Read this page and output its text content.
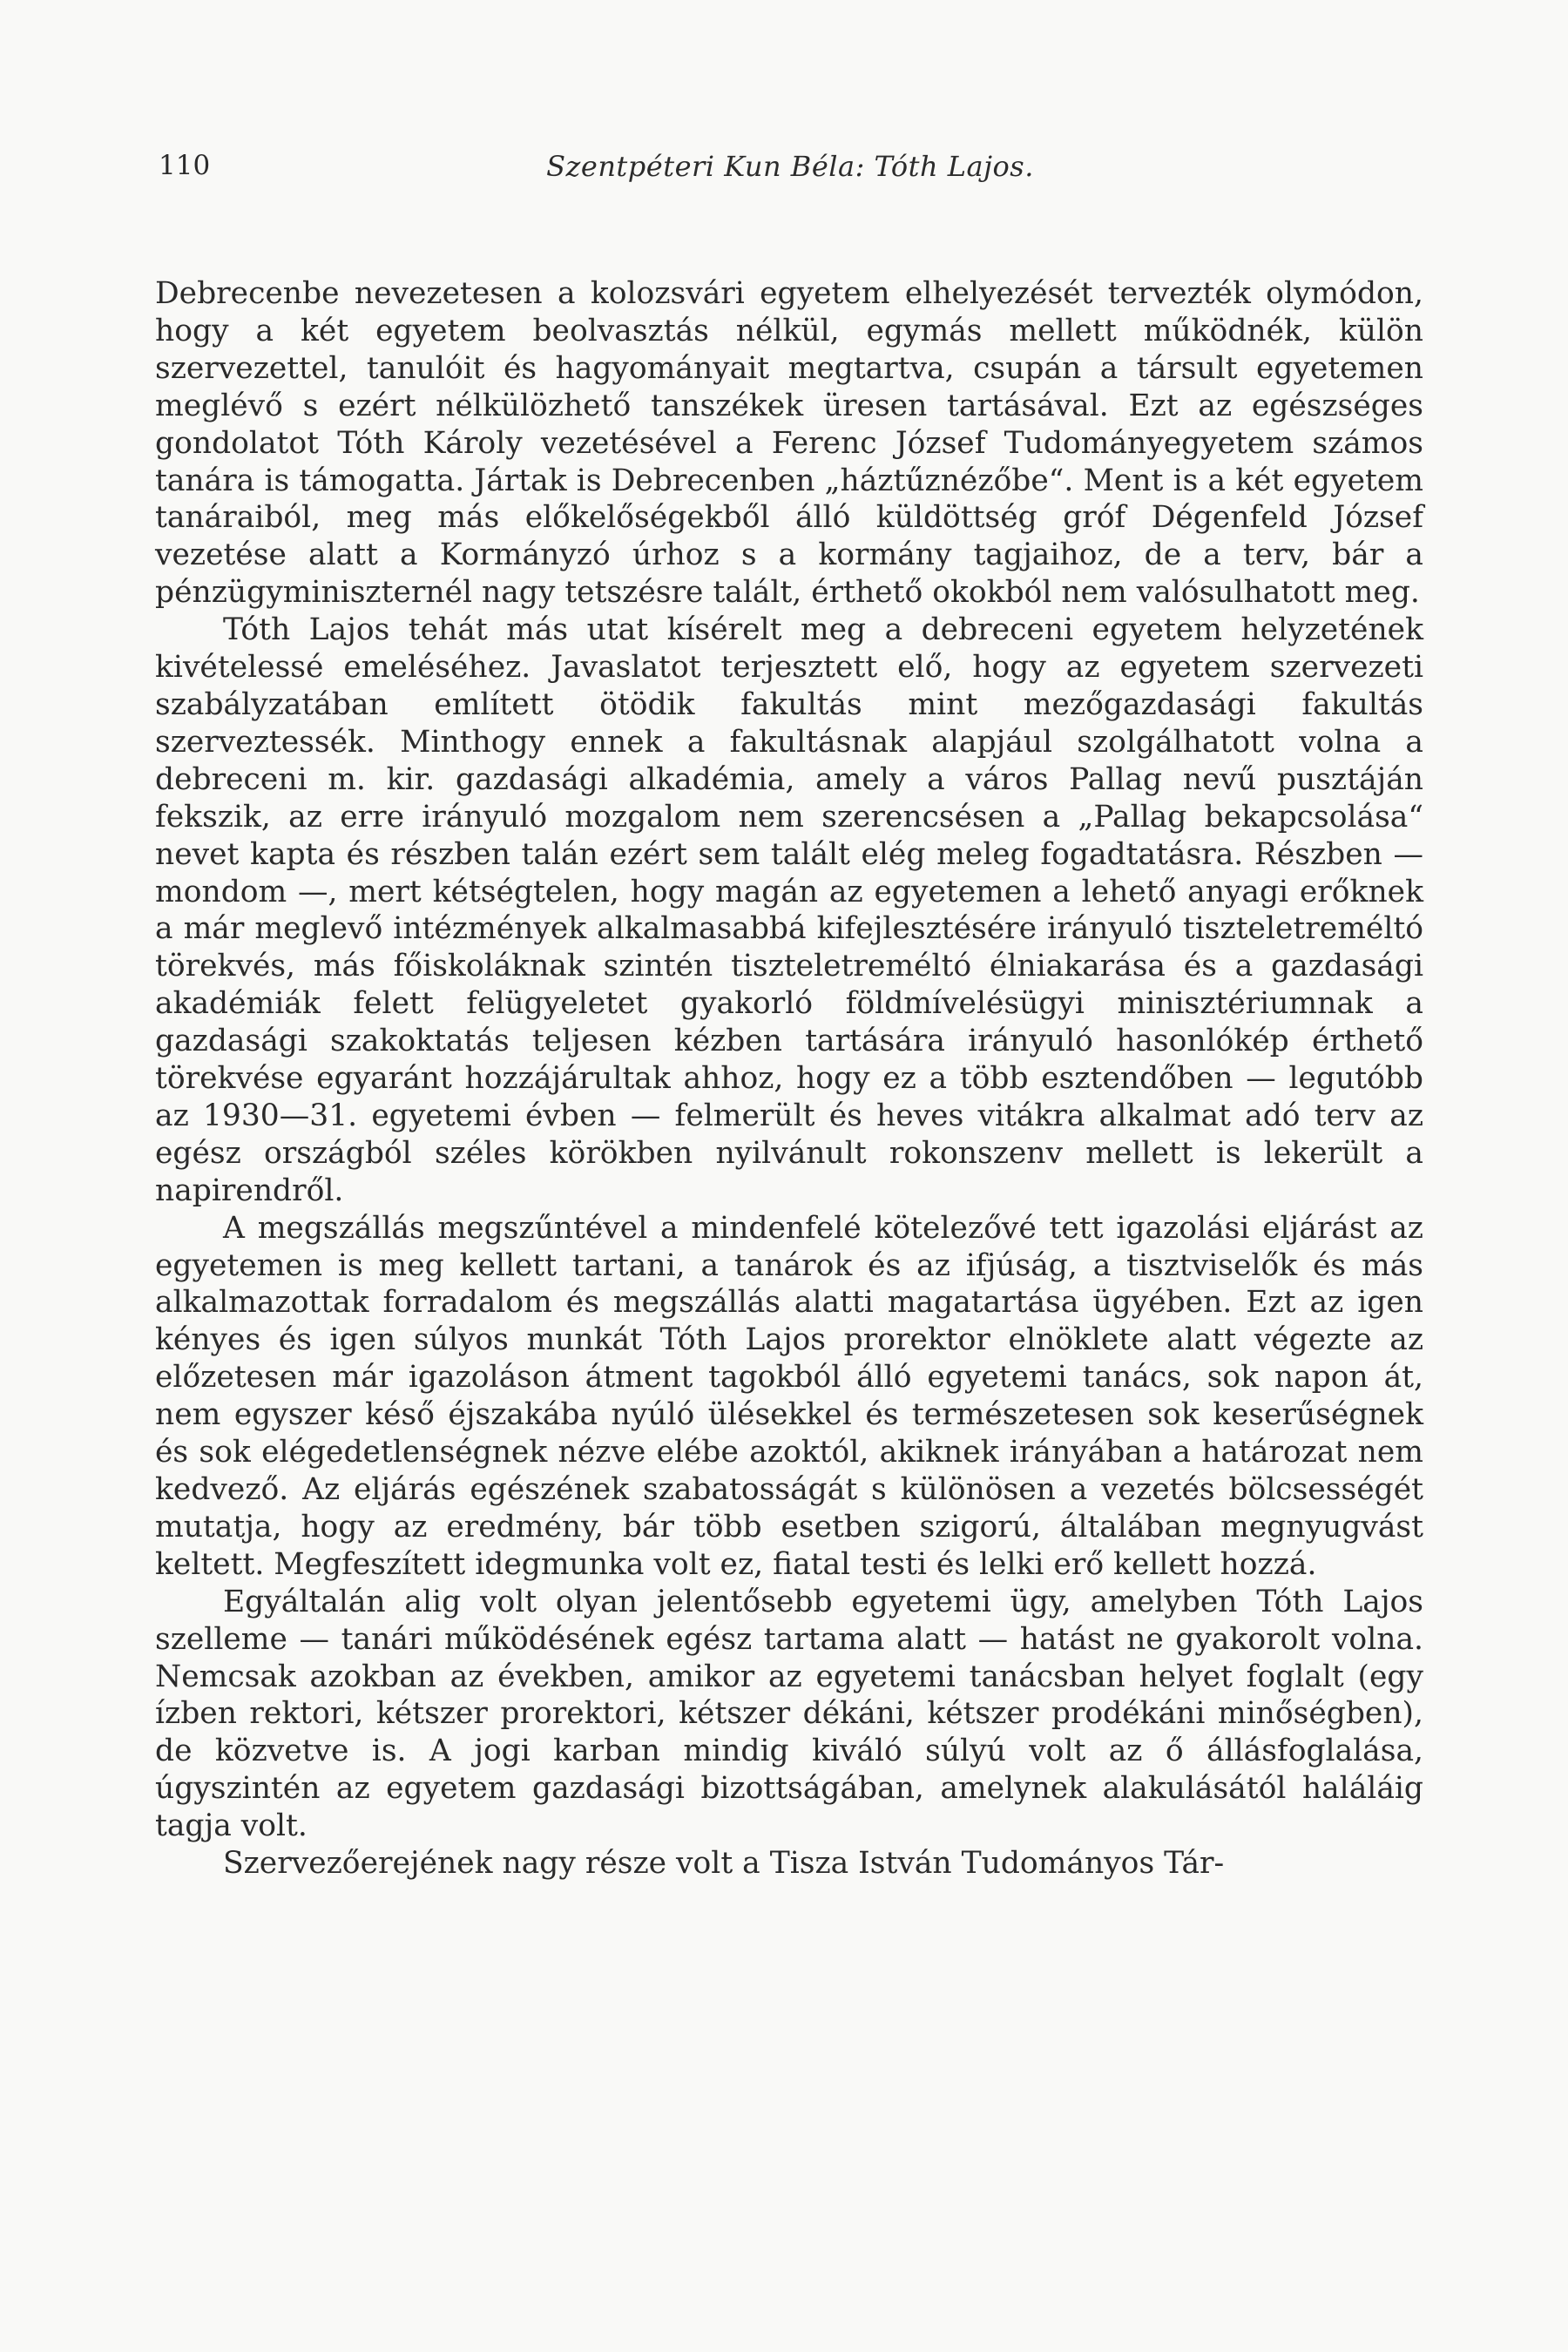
110	Szentpéteri Kun Béla: Tóth Lajos.

Debrecenbe nevezetesen a kolozsvári egyetem elhelyezését tervezték olymódon, hogy a két egyetem beolvasztás nélkül, egymás mellett működnék, külön szervezettel, tanulóit és hagyományait megtartva, csupán a társult egyetemen meglévő s ezért nélkülözhető tanszékek üresen tartásával. Ezt az egészséges gondolatot Tóth Károly vezetésével a Ferenc József Tudományegyetem számos tanára is támogatta. Jártak is Debrecenben „háztűznézőbe“. Ment is a két egyetem tanáraiból, meg más előkelőségekből álló küldöttség gróf Dégenfeld József vezetése alatt a Kormányzó úrhoz s a kormány tagjaihoz, de a terv, bár a pénzügyminiszternél nagy tetszésre talált, érthető okokból nem valósulhatott meg.

Tóth Lajos tehát más utat kísérelt meg a debreceni egyetem helyzetének kivételessé emeléséhez. Javaslatot terjesztett elő, hogy az egyetem szervezeti szabályzatában említett ötödik fakultás mint mezőgazdasági fakultás szerveztessék. Minthogy ennek a fakultásnak alapjául szolgálhatott volna a debreceni m. kir. gazdasági alkadémia, amely a város Pallag nevű pusztáján fekszik, az erre irányuló mozgalom nem szerencsésen a „Pallag bekapcsolása“ nevet kapta és részben talán ezért sem talált elég meleg fogadtatásra. Részben — mondom —, mert kétségtelen, hogy magán az egyetemen a lehető anyagi erőknek a már meglevő intézmények alkalmasabbá kifejlesztésére irányuló tiszteletreméltó törekvés, más főiskoláknak szintén tiszteletreméltó élniakarása és a gazdasági akadémiák felett felügyeletet gyakorló földmívelésügyi minisztériumnak a gazdasági szakoktatás teljesen kézben tartására irányuló hasonlókép érthető törekvése egyaránt hozzájárultak ahhoz, hogy ez a több esztendőben — legutóbb az 1930—31. egyetemi évben — felmerült és heves vitákra alkalmat adó terv az egész országból széles körökben nyilvánult rokonszenv mellett is lekerült a napirendről.

A megszállás megszűntével a mindenfelé kötelezővé tett igazolási eljárást az egyetemen is meg kellett tartani, a tanárok és az ifjúság, a tisztviselők és más alkalmazottak forradalom és megszállás alatti magatartása ügyében. Ezt az igen kényes és igen súlyos munkát Tóth Lajos prorektor elnöklete alatt végezte az előzetesen már igazoláson átment tagokból álló egyetemi tanács, sok napon át, nem egyszer késő éjszakába nyúló ülésekkel és természetesen sok keserűségnek és sok elégedetlenségnek nézve elébe azoktól, akiknek irányában a határozat nem kedvező. Az eljárás egészének szabatosságát s különösen a vezetés bölcsességét mutatja, hogy az eredmény, bár több esetben szigorú, általában megnyugvást keltett. Megfeszített idegmunka volt ez, fiatal testi és lelki erő kellett hozzá.

Egyáltalán alig volt olyan jelentősebb egyetemi ügy, amelyben Tóth Lajos szelleme — tanári működésének egész tartama alatt — hatást ne gyakorolt volna. Nemcsak azokban az években, amikor az egyetemi tanácsban helyet foglalt (egy ízben rektori, kétszer prorektori, kétszer dékáni, kétszer prodékáni minőségben), de közvetve is. A jogi karban mindig kiváló súlyú volt az ő állásfoglalása, úgyszintén az egyetem gazdasági bizottságában, amelynek alakulásától haláláig tagja volt.

Szervezőerejének nagy része volt a Tisza István Tudományos Tár-
